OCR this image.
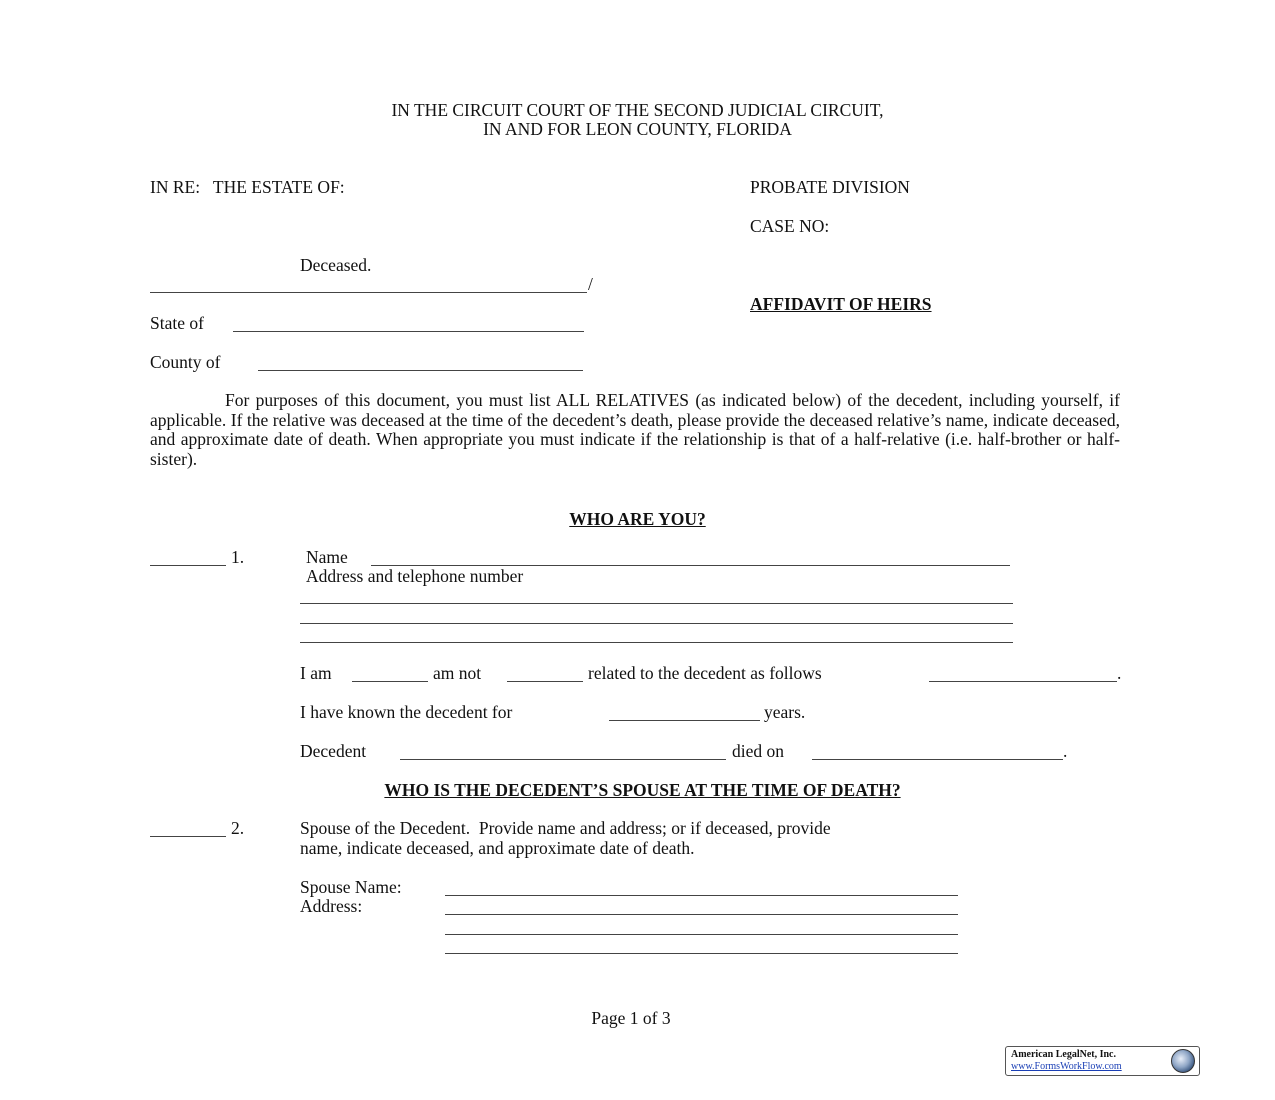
IN THE CIRCUIT COURT OF THE SECOND JUDICIAL CIRCUIT,
IN AND FOR LEON COUNTY, FLORIDA
IN RE:   THE ESTATE OF:	PROBATE DIVISION
CASE NO:
Deceased.
/
AFFIDAVIT OF HEIRS
State of
County of
For purposes of this document, you must list ALL RELATIVES (as indicated below) of the decedent, including yourself, if applicable. If the relative was deceased at the time of the decedent’s death, please provide the deceased relative’s name, indicate deceased, and approximate date of death. When appropriate you must indicate if the relationship is that of a half-relative (i.e. half-brother or half-sister).
WHO ARE YOU?
1.	Name
Address and telephone number
I am	am not	related to the decedent as follows	.
I have known the decedent for	years.
Decedent	died on	.
WHO IS THE DECEDENT’S SPOUSE AT THE TIME OF DEATH?
2.	Spouse of the Decedent.  Provide name and address; or if deceased, provide
name, indicate deceased, and approximate date of death.
Spouse Name:
Address:
Page 1 of 3
American LegalNet, Inc.
www.FormsWorkFlow.com
